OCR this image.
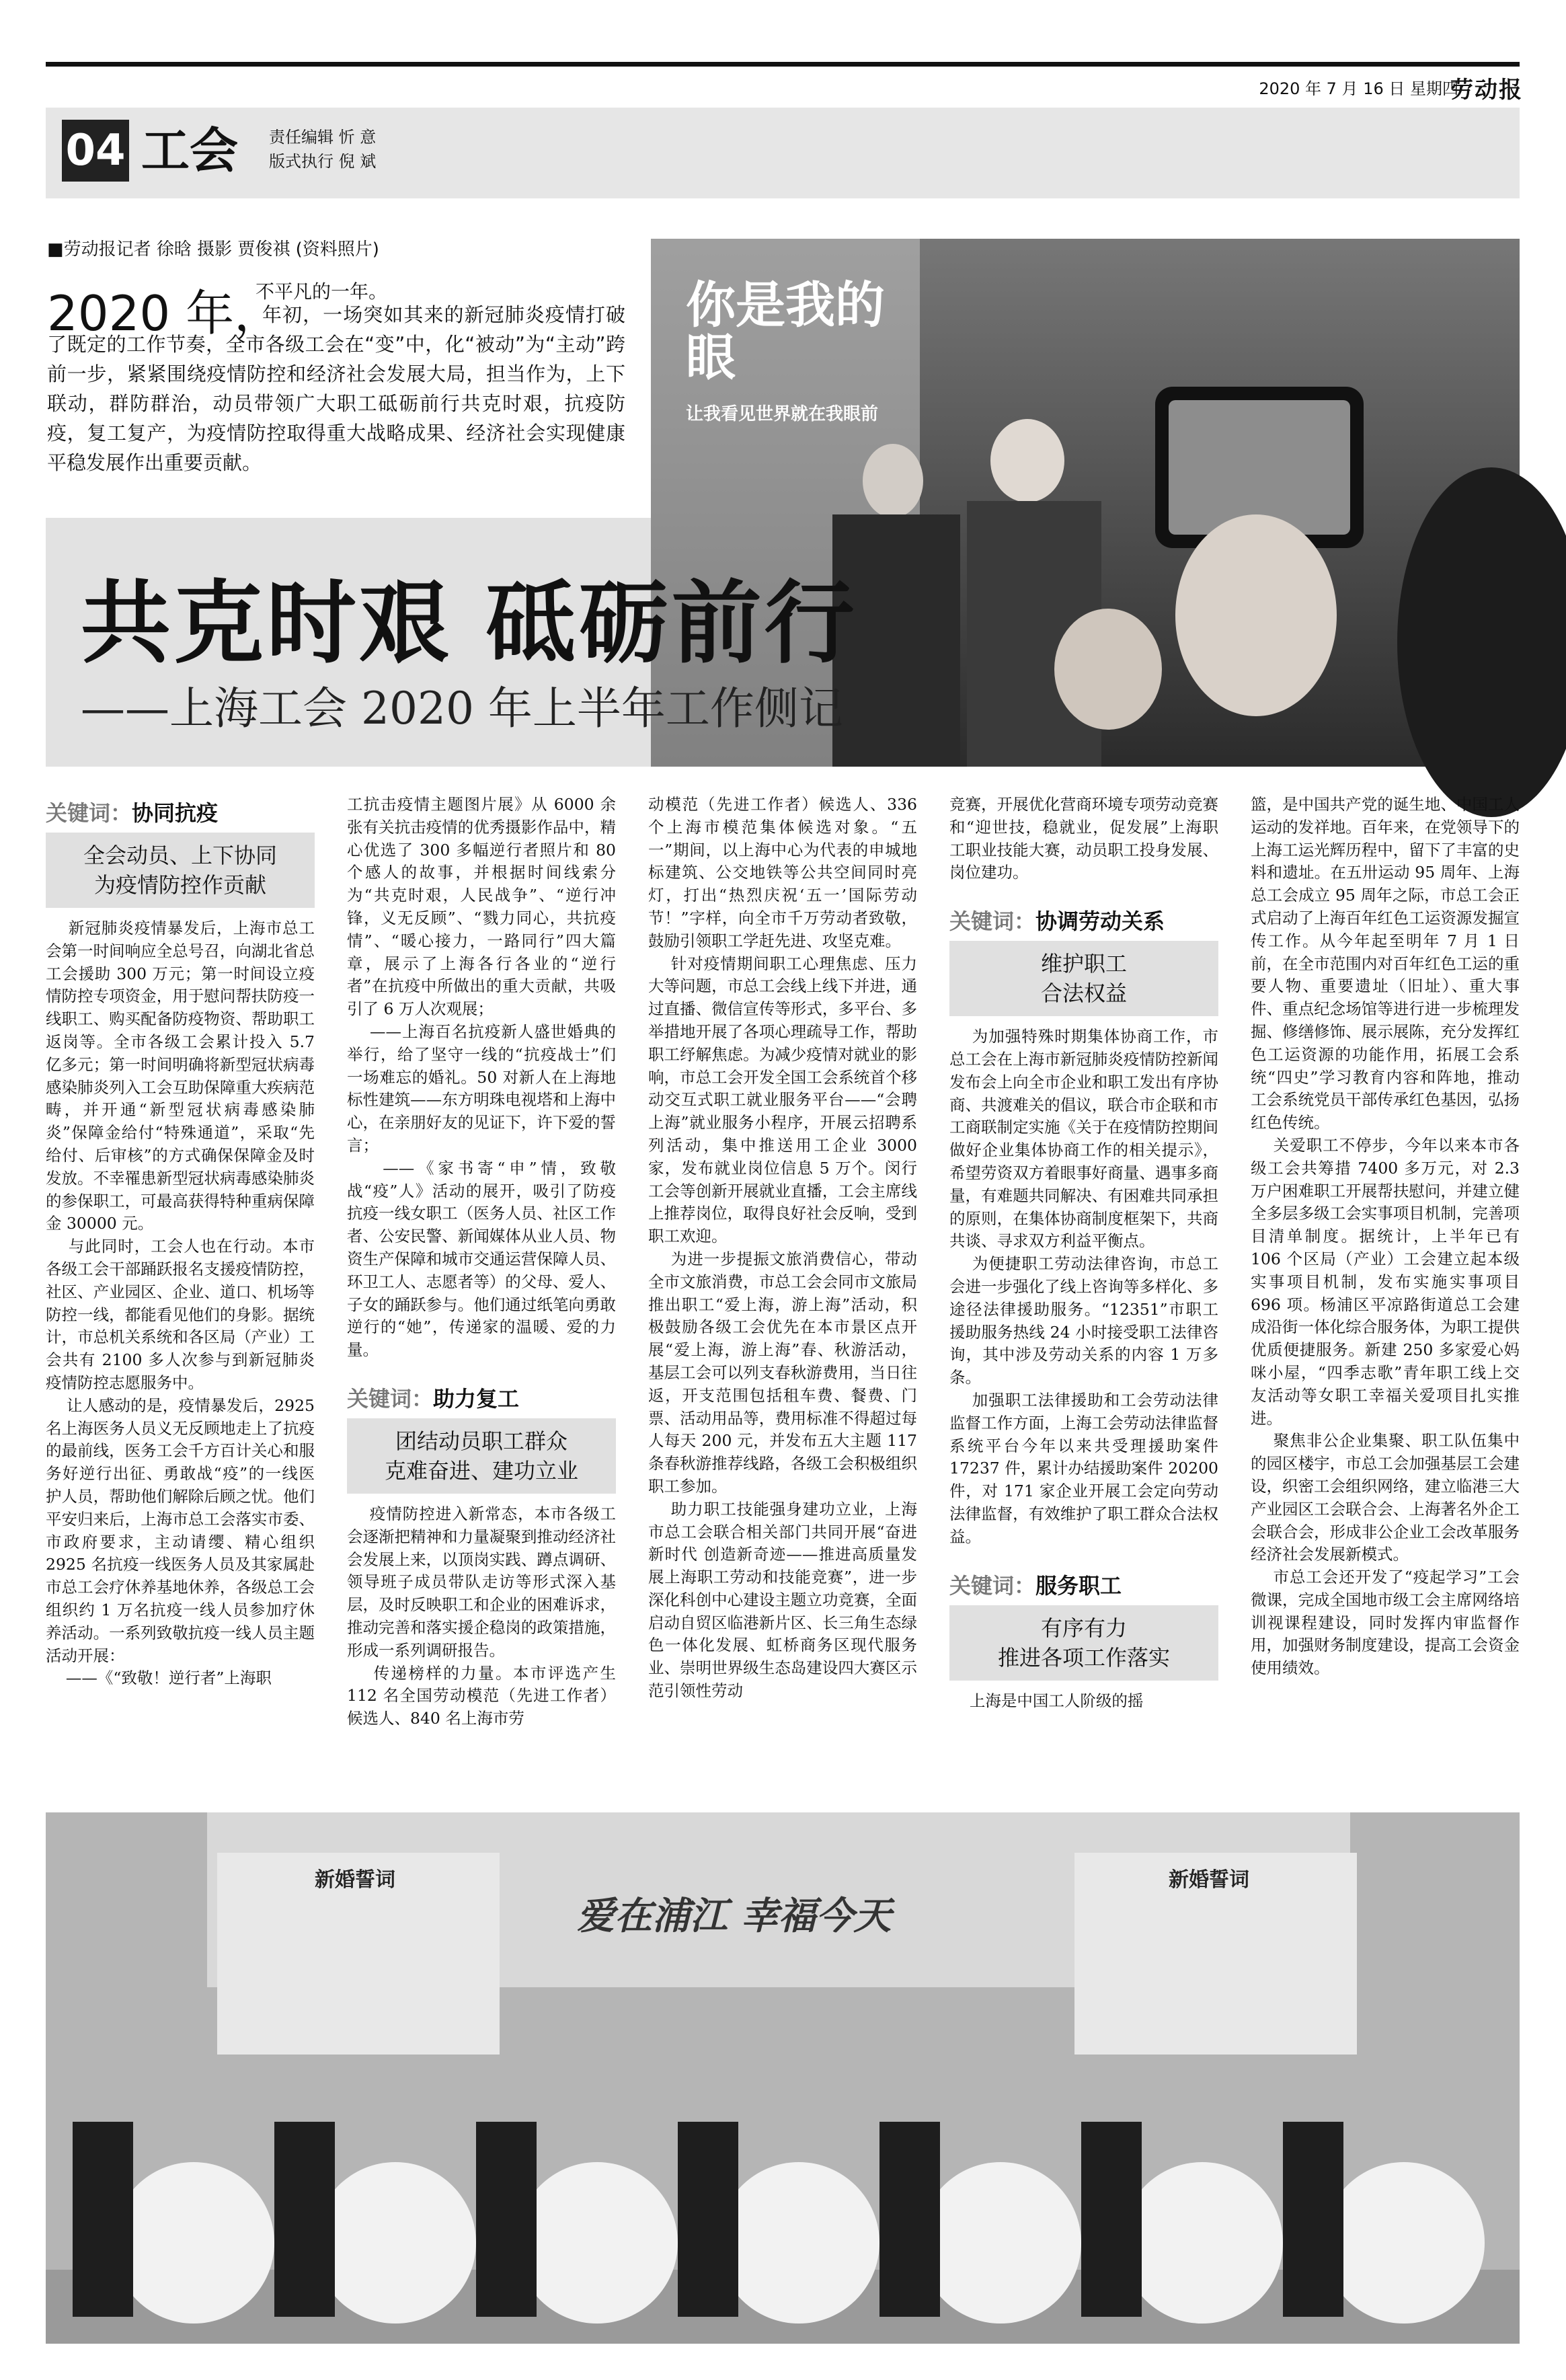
2020 年 7 月 16 日 星期四
劳动报
04 工会 责任编辑 忻 意
版式执行 倪 斌
你是我的眼
让我看见世界就在我眼前
■劳动报记者 徐晗 摄影 贾俊祺 (资料照片)
2020 年，
不平凡的一年。
年初，一场突如其来的新冠肺炎疫情打破了既定的工作节奏，全市各级工会在“变”中，化“被动”为“主动”跨前一步，紧紧围绕疫情防控和经济社会发展大局，担当作为，上下联动，群防群治，动员带领广大职工砥砺前行共克时艰，抗疫防疫，复工复产，为疫情防控取得重大战略成果、经济社会实现健康平稳发展作出重要贡献。
共克时艰 砥砺前行
——上海工会 2020 年上半年工作侧记
关键词：协同抗疫
全会动员、上下协同
为疫情防控作贡献

新冠肺炎疫情暴发后，上海市总工会第一时间响应全总号召，向湖北省总工会援助 300 万元；第一时间设立疫情防控专项资金，用于慰问帮扶防疫一线职工、购买配备防疫物资、帮助职工返岗等。全市各级工会累计投入 5.7 亿多元；第一时间明确将新型冠状病毒感染肺炎列入工会互助保障重大疾病范畴，并开通“新型冠状病毒感染肺炎”保障金给付“特殊通道”，采取“先给付、后审核”的方式确保保障金及时发放。不幸罹患新型冠状病毒感染肺炎的参保职工，可最高获得特种重病保障金 30000 元。
与此同时，工会人也在行动。本市各级工会干部踊跃报名支援疫情防控，社区、产业园区、企业、道口、机场等防控一线，都能看见他们的身影。据统计，市总机关系统和各区局（产业）工会共有 2100 多人次参与到新冠肺炎疫情防控志愿服务中。
让人感动的是，疫情暴发后，2925 名上海医务人员义无反顾地走上了抗疫的最前线，医务工会千方百计关心和服务好逆行出征、勇敢战“疫”的一线医护人员，帮助他们解除后顾之忧。他们平安归来后，上海市总工会落实市委、市政府要求，主动请缨、精心组织 2925 名抗疫一线医务人员及其家属赴市总工会疗休养基地休养，各级总工会组织约 1 万名抗疫一线人员参加疗休养活动。一系列致敬抗疫一线人员主题活动开展：
——《“致敬！逆行者”上海职

工抗击疫情主题图片展》从 6000 余张有关抗击疫情的优秀摄影作品中，精心优选了 300 多幅逆行者照片和 80 个感人的故事，并根据时间线索分为“共克时艰，人民战争”、“逆行冲锋，义无反顾”、“戮力同心，共抗疫情”、“暖心接力，一路同行”四大篇章，展示了上海各行各业的“逆行者”在抗疫中所做出的重大贡献，共吸引了 6 万人次观展；
——上海百名抗疫新人盛世婚典的举行，给了坚守一线的“抗疫战士”们一场难忘的婚礼。50 对新人在上海地标性建筑——东方明珠电视塔和上海中心，在亲朋好友的见证下，许下爱的誓言；
——《家书寄“申”情，致敬战“疫”人》活动的展开，吸引了防疫抗疫一线女职工（医务人员、社区工作者、公安民警、新闻媒体从业人员、物资生产保障和城市交通运营保障人员、环卫工人、志愿者等）的父母、爱人、子女的踊跃参与。他们通过纸笔向勇敢逆行的“她”，传递家的温暖、爱的力量。

关键词：助力复工
团结动员职工群众
克难奋进、建功立业

疫情防控进入新常态，本市各级工会逐渐把精神和力量凝聚到推动经济社会发展上来，以顶岗实践、蹲点调研、领导班子成员带队走访等形式深入基层，及时反映职工和企业的困难诉求，推动完善和落实援企稳岗的政策措施，形成一系列调研报告。
传递榜样的力量。本市评选产生 112 名全国劳动模范（先进工作者）候选人、840 名上海市劳

动模范（先进工作者）候选人、336 个上海市模范集体候选对象。“五一”期间，以上海中心为代表的申城地标建筑、公交地铁等公共空间同时亮灯，打出“热烈庆祝‘五一’国际劳动节！”字样，向全市千万劳动者致敬，鼓励引领职工学赶先进、攻坚克难。
针对疫情期间职工心理焦虑、压力大等问题，市总工会线上线下并进，通过直播、微信宣传等形式，多平台、多举措地开展了各项心理疏导工作，帮助职工纾解焦虑。为减少疫情对就业的影响，市总工会开发全国工会系统首个移动交互式职工就业服务平台——“会聘上海”就业服务小程序，开展云招聘系列活动，集中推送用工企业 3000 家，发布就业岗位信息 5 万个。闵行工会等创新开展就业直播，工会主席线上推荐岗位，取得良好社会反响，受到职工欢迎。
为进一步提振文旅消费信心，带动全市文旅消费，市总工会会同市文旅局推出职工“爱上海，游上海”活动，积极鼓励各级工会优先在本市景区点开展“爱上海，游上海”春、秋游活动，基层工会可以列支春秋游费用，当日往返，开支范围包括租车费、餐费、门票、活动用品等，费用标准不得超过每人每天 200 元，并发布五大主题 117 条春秋游推荐线路，各级工会积极组织职工参加。
助力职工技能强身建功立业，上海市总工会联合相关部门共同开展“奋进新时代 创造新奇迹——推进高质量发展上海职工劳动和技能竞赛”，进一步深化科创中心建设主题立功竞赛，全面启动自贸区临港新片区、长三角生态绿色一体化发展、虹桥商务区现代服务业、崇明世界级生态岛建设四大赛区示范引领性劳动

竞赛，开展优化营商环境专项劳动竞赛和“迎世技，稳就业，促发展”上海职工职业技能大赛，动员职工投身发展、岗位建功。

关键词：协调劳动关系
维护职工
合法权益

为加强特殊时期集体协商工作，市总工会在上海市新冠肺炎疫情防控新闻发布会上向全市企业和职工发出有序协商、共渡难关的倡议，联合市企联和市工商联制定实施《关于在疫情防控期间做好企业集体协商工作的相关提示》，希望劳资双方着眼事好商量、遇事多商量，有难题共同解决、有困难共同承担的原则，在集体协商制度框架下，共商共谈、寻求双方利益平衡点。
为便捷职工劳动法律咨询，市总工会进一步强化了线上咨询等多样化、多途径法律援助服务。“12351”市职工援助服务热线 24 小时接受职工法律咨询，其中涉及劳动关系的内容 1 万多条。
加强职工法律援助和工会劳动法律监督工作方面，上海工会劳动法律监督系统平台今年以来共受理援助案件 17237 件，累计办结援助案件 20200 件，对 171 家企业开展工会定向劳动法律监督，有效维护了职工群众合法权益。

关键词：服务职工
有序有力
推进各项工作落实

上海是中国工人阶级的摇

篮，是中国共产党的诞生地、中国工人运动的发祥地。百年来，在党领导下的上海工运光辉历程中，留下了丰富的史料和遗址。在五卅运动 95 周年、上海总工会成立 95 周年之际，市总工会正式启动了上海百年红色工运资源发掘宣传工作。从今年起至明年 7 月 1 日前，在全市范围内对百年红色工运的重要人物、重要遗址（旧址）、重大事件、重点纪念场馆等进行进一步梳理发掘、修缮修饰、展示展陈，充分发挥红色工运资源的功能作用，拓展工会系统“四史”学习教育内容和阵地，推动工会系统党员干部传承红色基因，弘扬红色传统。
关爱职工不停步，今年以来本市各级工会共筹措 7400 多万元，对 2.3 万户困难职工开展帮扶慰问，并建立健全多层多级工会实事项目机制，完善项目清单制度。据统计，上半年已有 106 个区局（产业）工会建立起本级实事项目机制，发布实施实事项目 696 项。杨浦区平凉路街道总工会建成沿街一体化综合服务体，为职工提供优质便捷服务。新建 250 多家爱心妈咪小屋，“四季志歌”青年职工线上交友活动等女职工幸福关爱项目扎实推进。
聚焦非公企业集聚、职工队伍集中的园区楼宇，市总工会加强基层工会建设，织密工会组织网络，建立临港三大产业园区工会联合会、上海著名外企工会联合会，形成非公企业工会改革服务经济社会发展新模式。
市总工会还开发了“疫起学习”工会微课，完成全国地市级工会主席网络培训视课程建设，同时发挥内审监督作用，加强财务制度建设，提高工会资金使用绩效。

爱在浦江 幸福今天
新婚誓词	新婚誓词
